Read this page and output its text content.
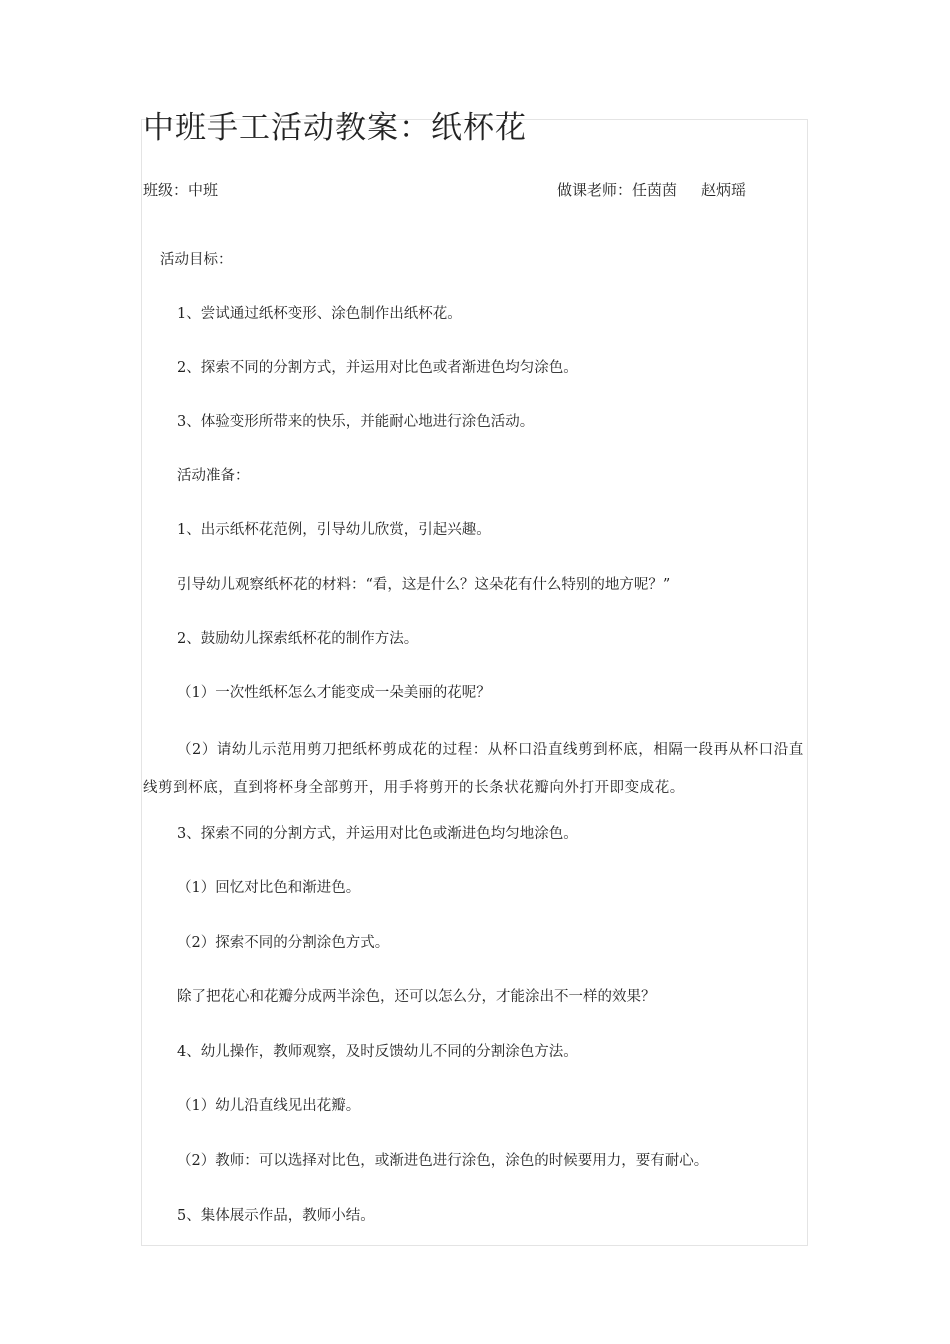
中班手工活动教案：纸杯花
班级：中班	做课老师：任茵茵 赵炳瑶
活动目标：
1、尝试通过纸杯变形、涂色制作出纸杯花。
2、探索不同的分割方式，并运用对比色或者渐进色均匀涂色。
3、体验变形所带来的快乐，并能耐心地进行涂色活动。
活动准备：
1、出示纸杯花范例，引导幼儿欣赏，引起兴趣。
引导幼儿观察纸杯花的材料：“看，这是什么？这朵花有什么特别的地方呢？”
2、鼓励幼儿探索纸杯花的制作方法。
（1）一次性纸杯怎么才能变成一朵美丽的花呢？
（2）请幼儿示范用剪刀把纸杯剪成花的过程：从杯口沿直线剪到杯底，相隔一段再从杯口沿直线剪到杯底，直到将杯身全部剪开，用手将剪开的长条状花瓣向外打开即变成花。
3、探索不同的分割方式，并运用对比色或渐进色均匀地涂色。
（1）回忆对比色和渐进色。
（2）探索不同的分割涂色方式。
除了把花心和花瓣分成两半涂色，还可以怎么分，才能涂出不一样的效果？
4、幼儿操作，教师观察，及时反馈幼儿不同的分割涂色方法。
（1）幼儿沿直线见出花瓣。
（2）教师：可以选择对比色，或渐进色进行涂色，涂色的时候要用力，要有耐心。
5、集体展示作品，教师小结。
